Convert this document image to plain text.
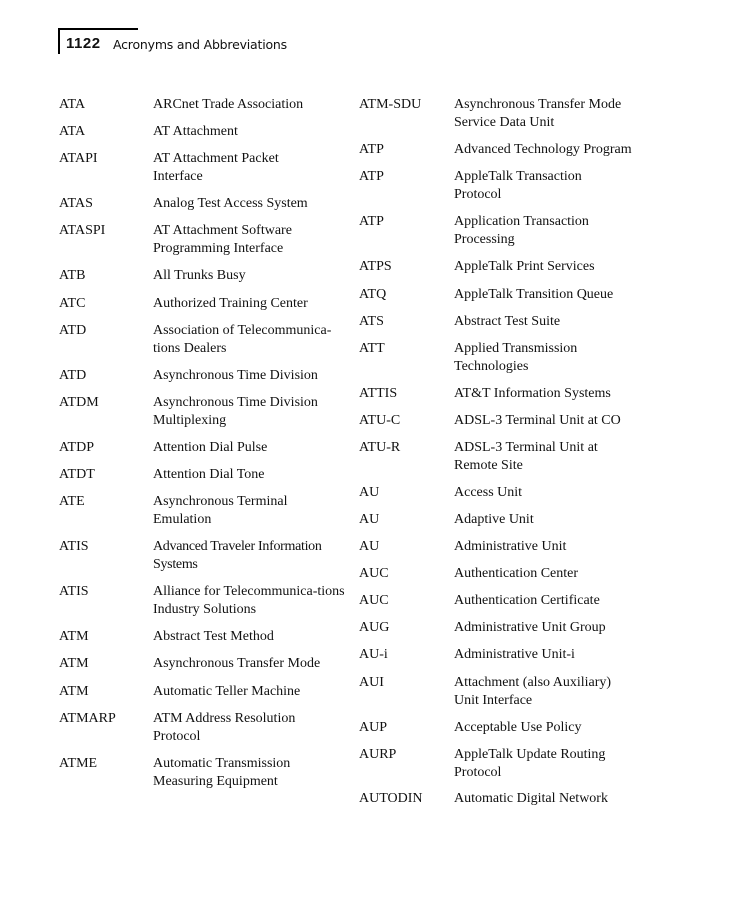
1122 Acronyms and Abbreviations
ATA	ARCnet Trade Association
ATA	AT Attachment
ATAPI	AT Attachment Packet Interface
ATAS	Analog Test Access System
ATASPI	AT Attachment Software Programming Interface
ATB	All Trunks Busy
ATC	Authorized Training Center
ATD	Association of Telecommunica-tions Dealers
ATD	Asynchronous Time Division
ATDM	Asynchronous Time Division Multiplexing
ATDP	Attention Dial Pulse
ATDT	Attention Dial Tone
ATE	Asynchronous Terminal Emulation
ATIS	Advanced Traveler Information Systems
ATIS	Alliance for Telecommunica-tions Industry Solutions
ATM	Abstract Test Method
ATM	Asynchronous Transfer Mode
ATM	Automatic Teller Machine
ATMARP	ATM Address Resolution Protocol
ATME	Automatic Transmission Measuring Equipment
ATM-SDU	Asynchronous Transfer Mode Service Data Unit
ATP	Advanced Technology Program
ATP	AppleTalk Transaction Protocol
ATP	Application Transaction Processing
ATPS	AppleTalk Print Services
ATQ	AppleTalk Transition Queue
ATS	Abstract Test Suite
ATT	Applied Transmission Technologies
ATTIS	AT&T Information Systems
ATU-C	ADSL-3 Terminal Unit at CO
ATU-R	ADSL-3 Terminal Unit at Remote Site
AU	Access Unit
AU	Adaptive Unit
AU	Administrative Unit
AUC	Authentication Center
AUC	Authentication Certificate
AUG	Administrative Unit Group
AU-i	Administrative Unit-i
AUI	Attachment (also Auxiliary) Unit Interface
AUP	Acceptable Use Policy
AURP	AppleTalk Update Routing Protocol
AUTODIN	Automatic Digital Network
